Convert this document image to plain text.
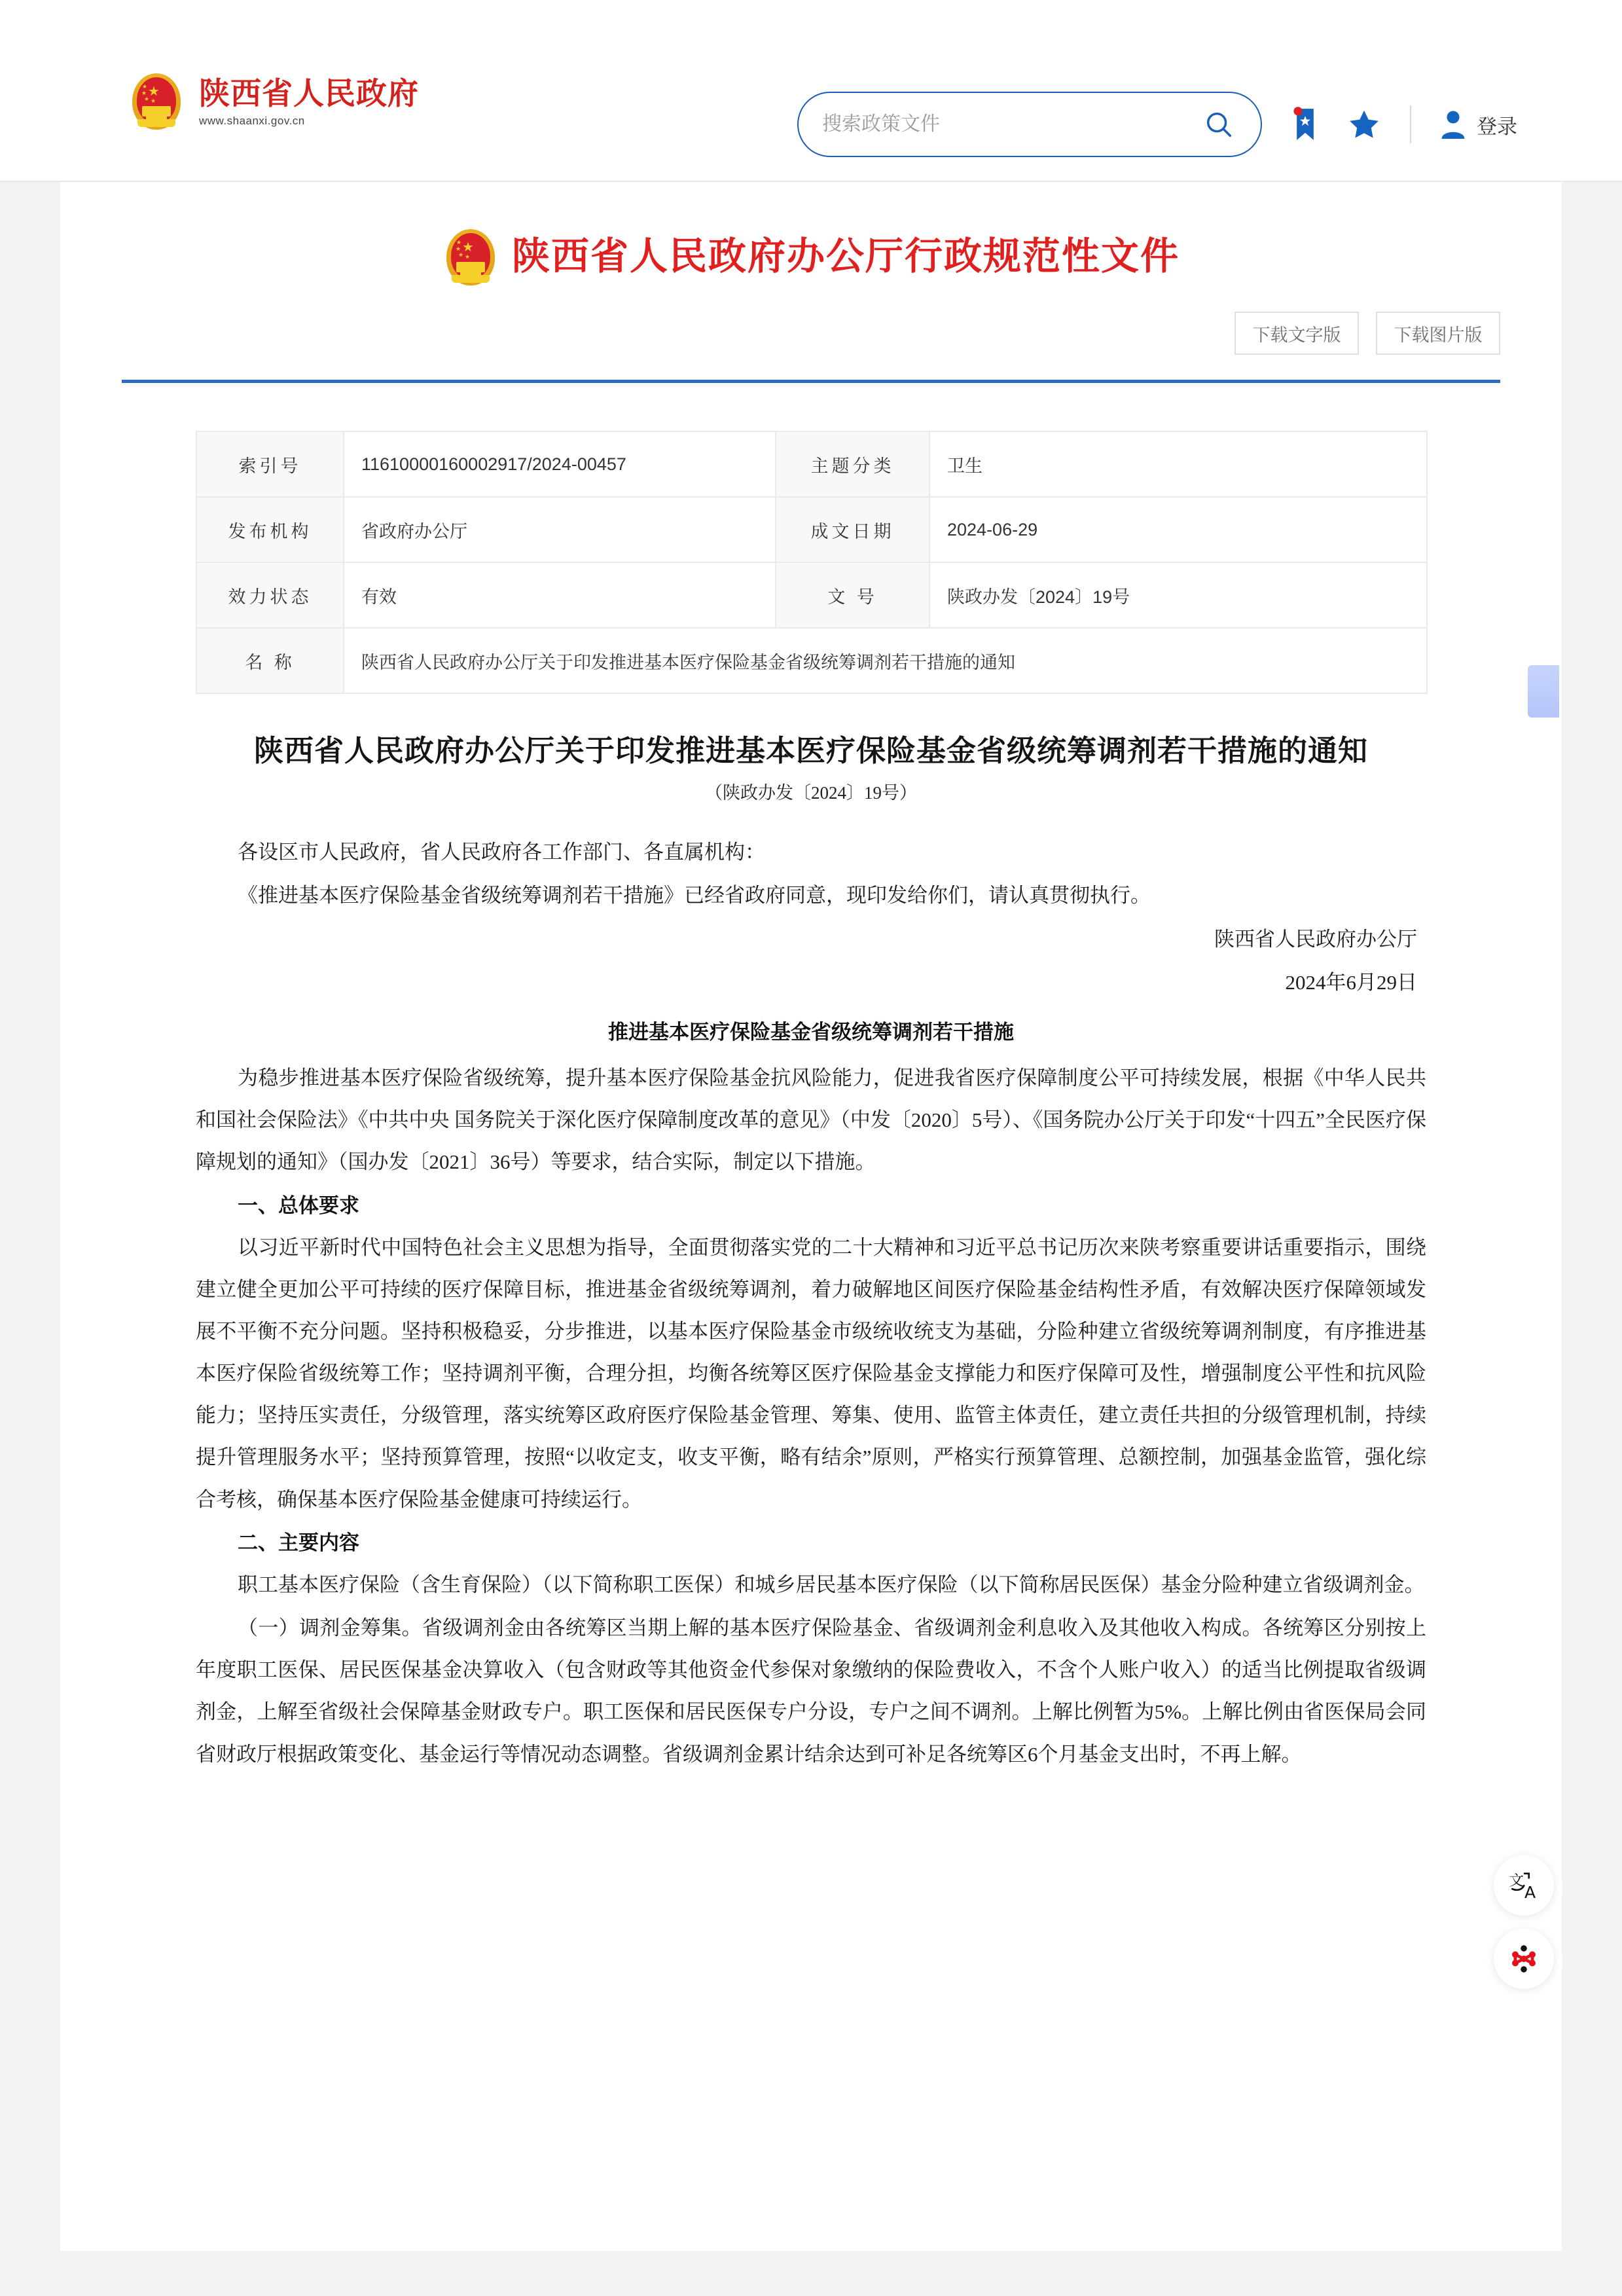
★
★
★
★ ★ 陕西省人民政府
www.shaanxi.gov.cn
搜索政策文件	登录
★
★
★
★ ★ 陕西省人民政府办公厅行政规范性文件
下载文字版	下载图片版
索引号	11610000160002917/2024-00457	主题分类	卫生
发布机构	省政府办公厅	成文日期	2024-06-29
效力状态	有效	文 号	陕政办发〔2024〕19号
名 称	陕西省人民政府办公厅关于印发推进基本医疗保险基金省级统筹调剂若干措施的通知		
陕西省人民政府办公厅关于印发推进基本医疗保险基金省级统筹调剂若干措施的通知
（陕政办发〔2024〕19号）

各设区市人民政府，省人民政府各工作部门、各直属机构：

《推进基本医疗保险基金省级统筹调剂若干措施》已经省政府同意，现印发给你们，请认真贯彻执行。

陕西省人民政府办公厅

2024年6月29日

推进基本医疗保险基金省级统筹调剂若干措施

为稳步推进基本医疗保险省级统筹，提升基本医疗保险基金抗风险能力，促进我省医疗保障制度公平可持续发展，根据《中华人民共和国社会保险法》《中共中央 国务院关于深化医疗保障制度改革的意见》（中发〔2020〕5号）、《国务院办公厅关于印发“十四五”全民医疗保障规划的通知》（国办发〔2021〕36号）等要求，结合实际，制定以下措施。

一、总体要求

以习近平新时代中国特色社会主义思想为指导，全面贯彻落实党的二十大精神和习近平总书记历次来陕考察重要讲话重要指示，围绕建立健全更加公平可持续的医疗保障目标，推进基金省级统筹调剂，着力破解地区间医疗保险基金结构性矛盾，有效解决医疗保障领域发展不平衡不充分问题。坚持积极稳妥，分步推进，以基本医疗保险基金市级统收统支为基础，分险种建立省级统筹调剂制度，有序推进基本医疗保险省级统筹工作；坚持调剂平衡，合理分担，均衡各统筹区医疗保险基金支撑能力和医疗保障可及性，增强制度公平性和抗风险能力；坚持压实责任，分级管理，落实统筹区政府医疗保险基金管理、筹集、使用、监管主体责任，建立责任共担的分级管理机制，持续提升管理服务水平；坚持预算管理，按照“以收定支，收支平衡，略有结余”原则，严格实行预算管理、总额控制，加强基金监管，强化综合考核，确保基本医疗保险基金健康可持续运行。

二、主要内容

职工基本医疗保险（含生育保险）（以下简称职工医保）和城乡居民基本医疗保险（以下简称居民医保）基金分险种建立省级调剂金。

（一）调剂金筹集。省级调剂金由各统筹区当期上解的基本医疗保险基金、省级调剂金利息收入及其他收入构成。各统筹区分别按上年度职工医保、居民医保基金决算收入（包含财政等其他资金代参保对象缴纳的保险费收入，不含个人账户收入）的适当比例提取省级调剂金，上解至省级社会保障基金财政专户。职工医保和居民医保专户分设，专户之间不调剂。上解比例暂为5%。上解比例由省医保局会同省财政厅根据政策变化、基金运行等情况动态调整。省级调剂金累计结余达到可补足各统筹区6个月基金支出时，不再上解。

文
A
